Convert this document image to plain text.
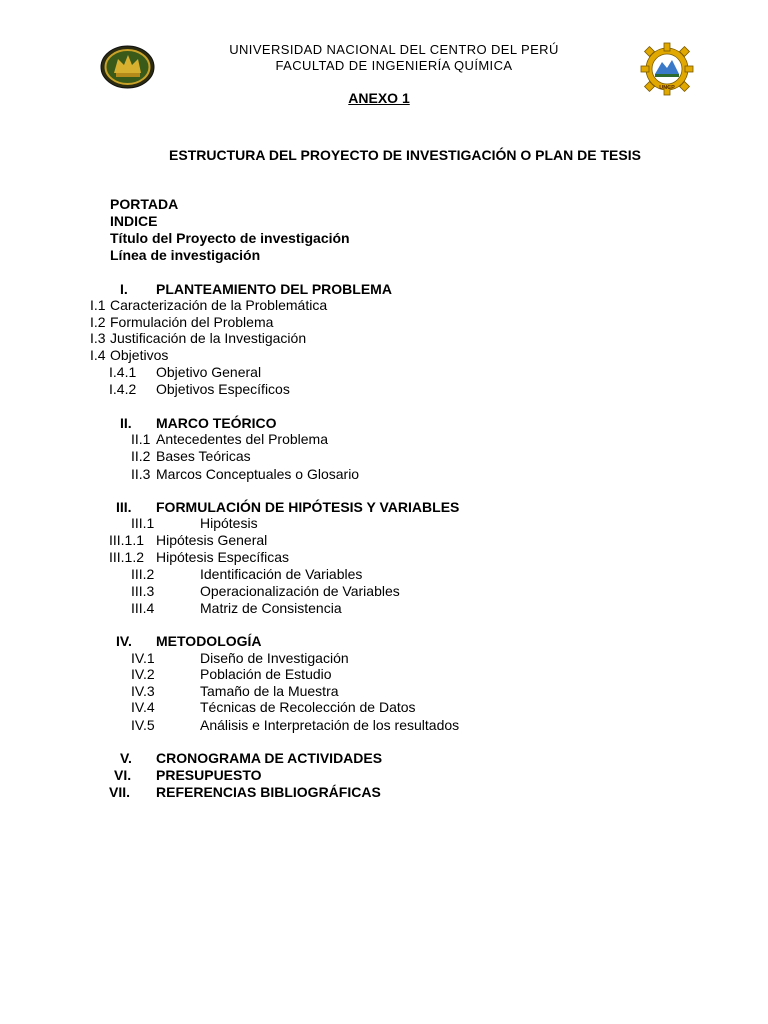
UNCP
UNIVERSIDAD NACIONAL DEL CENTRO DEL PERÚ
FACULTAD DE INGENIERÍA QUÍMICA
ANEXO 1
ESTRUCTURA DEL PROYECTO DE INVESTIGACIÓN O PLAN DE TESIS
PORTADA
INDICE
Título del Proyecto de investigación
Línea de investigación
I. PLANTEAMIENTO DEL PROBLEMA
I.1 Caracterización de la Problemática
I.2 Formulación del Problema
I.3 Justificación de la Investigación
I.4 Objetivos
I.4.1 Objetivo General
I.4.2 Objetivos Específicos
II. MARCO TEÓRICO
II.1 Antecedentes del Problema
II.2 Bases Teóricas
II.3 Marcos Conceptuales o Glosario
III. FORMULACIÓN DE HIPÓTESIS Y VARIABLES
III.1	Hipótesis
III.1.1 Hipótesis General
III.1.2 Hipótesis Específicas
III.2	Identificación de Variables
III.3	Operacionalización de Variables
III.4	Matriz de Consistencia
IV. METODOLOGÍA
IV.1	Diseño de Investigación
IV.2	Población de Estudio
IV.3	Tamaño de la Muestra
IV.4	Técnicas de Recolección de Datos
IV.5	Análisis e Interpretación de los resultados
V. CRONOGRAMA DE ACTIVIDADES
VI. PRESUPUESTO
VII. REFERENCIAS BIBLIOGRÁFICAS
